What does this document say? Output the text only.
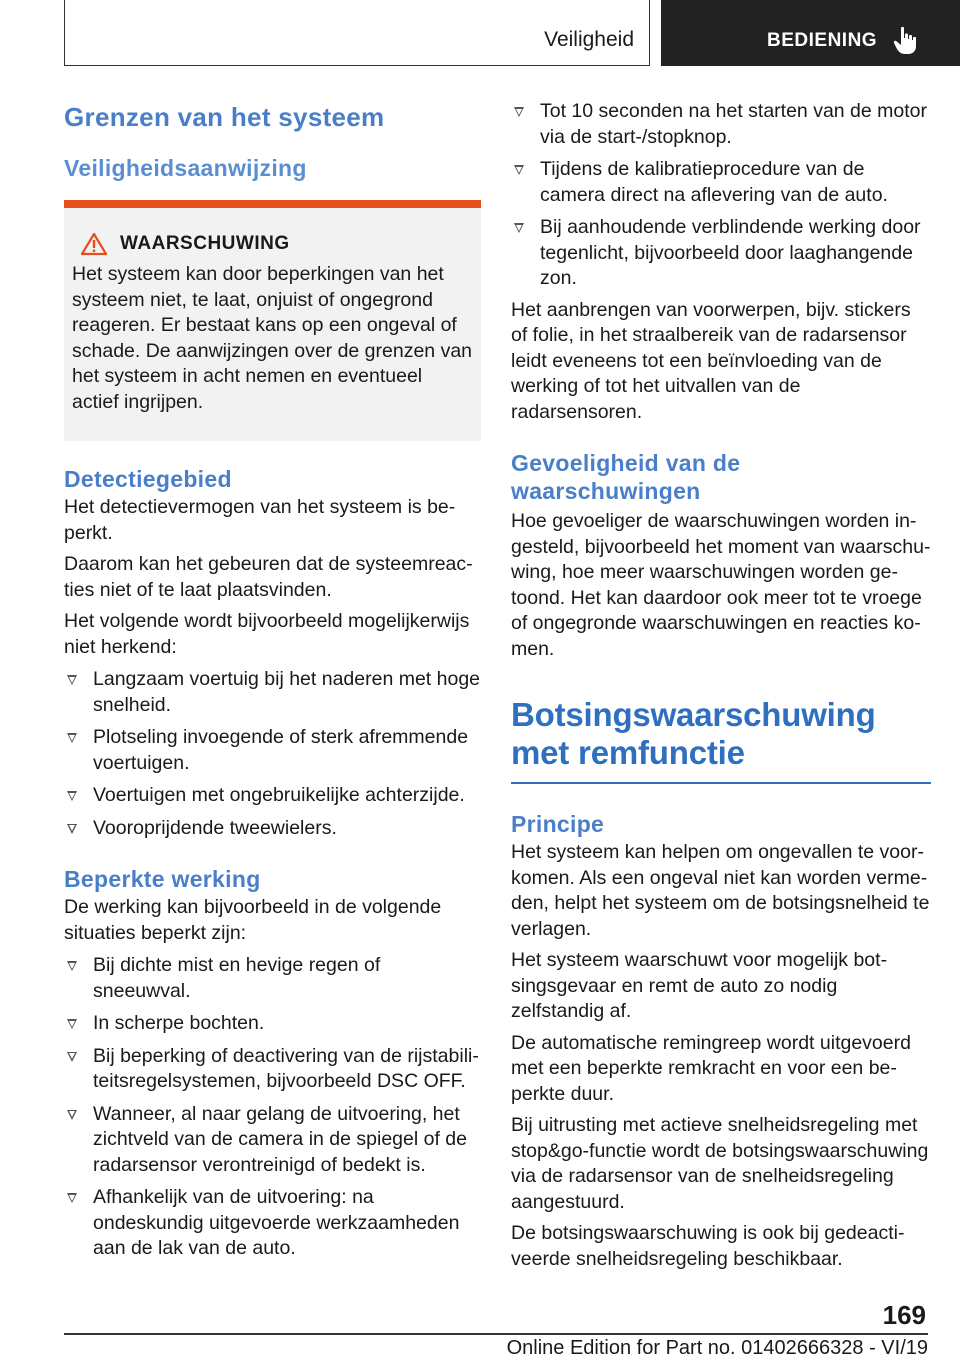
Veiligheid	BEDIENING
Grenzen van het systeem
Veiligheidsaanwijzing
WAARSCHUWING

Het systeem kan door beperkingen van het systeem niet, te laat, onjuist of ongegrond reageren. Er bestaat kans op een ongeval of schade. De aanwijzingen over de grenzen van het systeem in acht nemen en eventueel actief ingrijpen.

Detectiegebied

Het detectievermogen van het systeem is beperkt.

Daarom kan het gebeuren dat de systeemreacties niet of te laat plaatsvinden.

Het volgende wordt bijvoorbeeld mogelijkerwijs niet herkend:

Langzaam voertuig bij het naderen met hoge snelheid.
Plotseling invoegende of sterk afremmende voertuigen.
Voertuigen met ongebruikelijke achterzijde.
Vooroprijdende tweewielers.
Beperkte werking

De werking kan bijvoorbeeld in de volgende situaties beperkt zijn:

Bij dichte mist en hevige regen of sneeuwval.
In scherpe bochten.
Bij beperking of deactivering van de rijstabiliteitsregelsystemen, bijvoorbeeld DSC OFF.
Wanneer, al naar gelang de uitvoering, het zichtveld van de camera in de spiegel of de radarsensor verontreinigd of bedekt is.
Afhankelijk van de uitvoering: na ondeskundig uitgevoerde werkzaamheden aan de lak van de auto.
Tot 10 seconden na het starten van de motor via de start-/stopknop.
Tijdens de kalibratieprocedure van de camera direct na aflevering van de auto.
Bij aanhoudende verblindende werking door tegenlicht, bijvoorbeeld door laaghangende zon.

Het aanbrengen van voorwerpen, bijv. stickers of folie, in het straalbereik van de radarsensor leidt eveneens tot een beïnvloeding van de werking of tot het uitvallen van de radarsensoren.

Gevoeligheid van de waarschuwingen

Hoe gevoeliger de waarschuwingen worden ingesteld, bijvoorbeeld het moment van waarschuwing, hoe meer waarschuwingen worden getoond. Het kan daardoor ook meer tot te vroege of ongegronde waarschuwingen en reacties komen.

Botsingswaarschuwing met remfunctie
Principe

Het systeem kan helpen om ongevallen te voorkomen. Als een ongeval niet kan worden vermeden, helpt het systeem om de botsingsnelheid te verlagen.

Het systeem waarschuwt voor mogelijk botsingsgevaar en remt de auto zo nodig zelfstandig af.

De automatische remingreep wordt uitgevoerd met een beperkte remkracht en voor een beperkte duur.

Bij uitrusting met actieve snelheidsregeling met stop&go-functie wordt de botsingswaarschuwing via de radarsensor van de snelheidsregeling aangestuurd.

De botsingswaarschuwing is ook bij gedeactiveerde snelheidsregeling beschikbaar.

169
Online Edition for Part no. 01402666328 - VI/19
